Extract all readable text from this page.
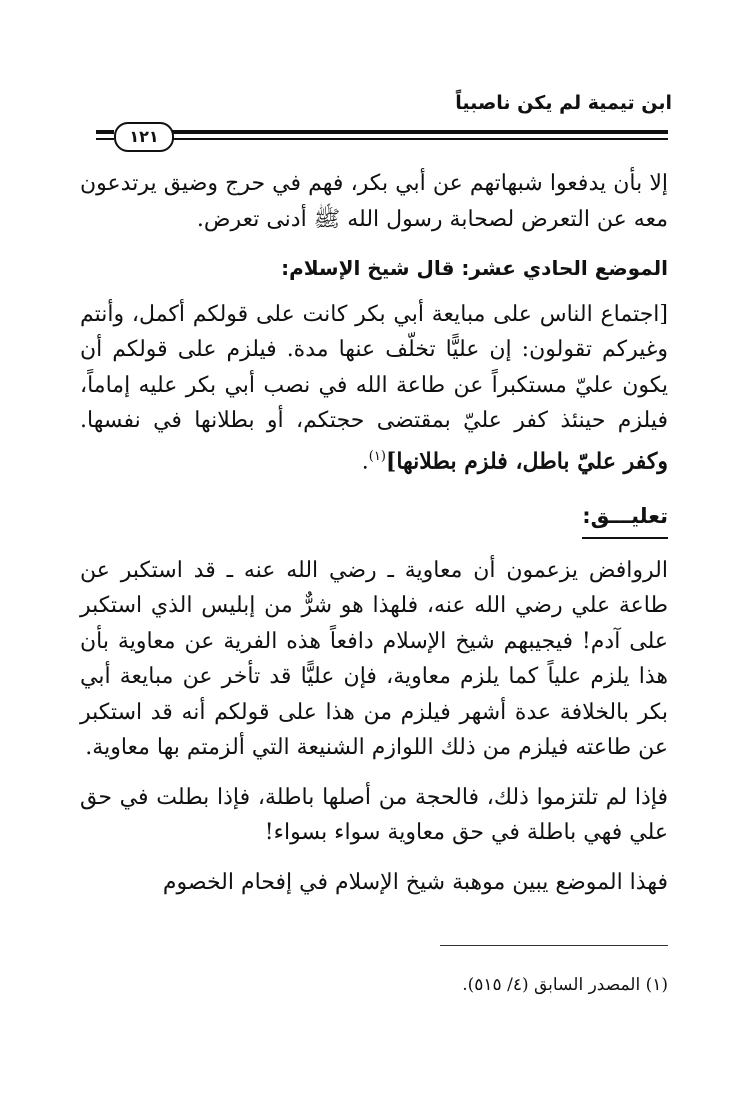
ابن تيمية لم يكن ناصبياً
١٢١

إلا بأن يدفعوا شبهاتهم عن أبي بكر، فهم في حرج وضيق يرتدعون معه عن التعرض لصحابة رسول الله ﷺ أدنى تعرض.

الموضع الحادي عشر: قال شيخ الإسلام:

[اجتماع الناس على مبايعة أبي بكر كانت على قولكم أكمل، وأنتم وغيركم تقولون: إن عليًّا تخلّف عنها مدة. فيلزم على قولكم أن يكون عليّ مستكبراً عن طاعة الله في نصب أبي بكر عليه إماماً، فيلزم حينئذ كفر عليّ بمقتضى حجتكم، أو بطلانها في نفسها. وكفر عليّ باطل، فلزم بطلانها]$^{(١)}$.

تعليـــق:

الروافض يزعمون أن معاوية ـ رضي الله عنه ـ قد استكبر عن طاعة علي رضي الله عنه، فلهذا هو شرٌّ من إبليس الذي استكبر على آدم! فيجيبهم شيخ الإسلام دافعاً هذه الفرية عن معاوية بأن هذا يلزم علياً كما يلزم معاوية، فإن عليًّا قد تأخر عن مبايعة أبي بكر بالخلافة عدة أشهر فيلزم من هذا على قولكم أنه قد استكبر عن طاعته فيلزم من ذلك اللوازم الشنيعة التي ألزمتم بها معاوية.

فإذا لم تلتزموا ذلك، فالحجة من أصلها باطلة، فإذا بطلت في حق علي فهي باطلة في حق معاوية سواء بسواء!

فهذا الموضع يبين موهبة شيخ الإسلام في إفحام الخصوم

(١) المصدر السابق (٤/ ٥١٥).
